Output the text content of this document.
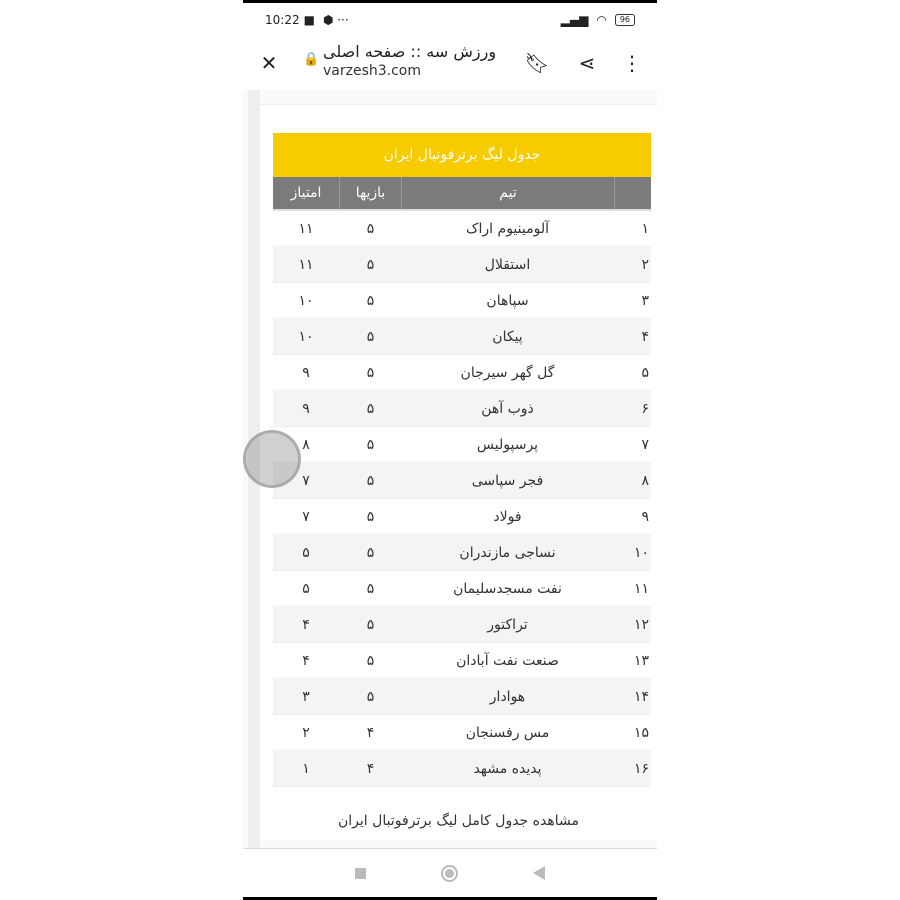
10:22 ■ ⬢ ···	▂▄▆ ◠	96
✕	🔒 ورزش سه :: صفحه اصلی
varzesh3.com	🔖︎ ⋖ ⋮
جدول لیگ برترفوتبال ایران
امتیاز	بازیها	تیم
۱۱	۵	آلومینیوم اراک	۱
۱۱	۵	استقلال	۲
۱۰	۵	سپاهان	۳
۱۰	۵	پیکان	۴
۹	۵	گل گهر سیرجان	۵
۹	۵	ذوب آهن	۶
۸	۵	پرسپولیس	۷
۷	۵	فجر سپاسی	۸
۷	۵	فولاد	۹
۵	۵	نساجی مازندران	۱۰
۵	۵	نفت مسجدسلیمان	۱۱
۴	۵	تراکتور	۱۲
۴	۵	صنعت نفت آبادان	۱۳
۳	۵	هوادار	۱۴
۲	۴	مس رفسنجان	۱۵
۱	۴	پدیده مشهد	۱۶
مشاهده جدول کامل لیگ برترفوتبال ایران
